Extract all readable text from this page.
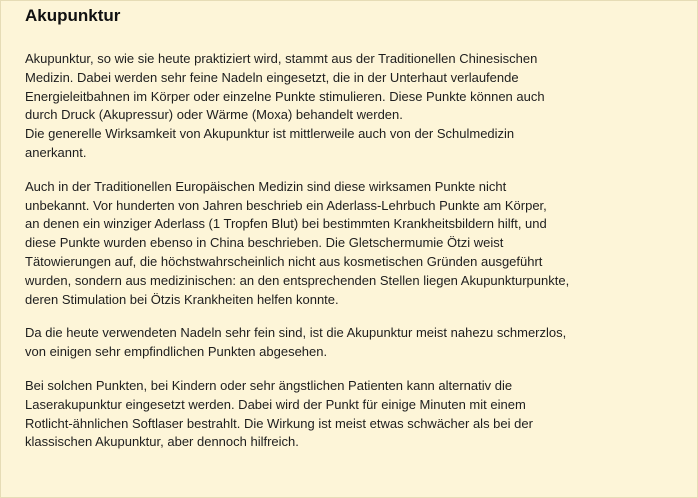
Akupunktur

Akupunktur, so wie sie heute praktiziert wird, stammt aus der Traditionellen Chinesischen
Medizin. Dabei werden sehr feine Nadeln eingesetzt, die in der Unterhaut verlaufende
Energieleitbahnen im Körper oder einzelne Punkte stimulieren. Diese Punkte können auch
durch Druck (Akupressur) oder Wärme (Moxa) behandelt werden.
Die generelle Wirksamkeit von Akupunktur ist mittlerweile auch von der Schulmedizin
anerkannt.

Auch in der Traditionellen Europäischen Medizin sind diese wirksamen Punkte nicht
unbekannt. Vor hunderten von Jahren beschrieb ein Aderlass-Lehrbuch Punkte am Körper,
an denen ein winziger Aderlass (1 Tropfen Blut) bei bestimmten Krankheitsbildern hilft, und
diese Punkte wurden ebenso in China beschrieben. Die Gletschermumie Ötzi weist
Tätowierungen auf, die höchstwahrscheinlich nicht aus kosmetischen Gründen ausgeführt
wurden, sondern aus medizinischen: an den entsprechenden Stellen liegen Akupunkturpunkte,
deren Stimulation bei Ötzis Krankheiten helfen konnte.

Da die heute verwendeten Nadeln sehr fein sind, ist die Akupunktur meist nahezu schmerzlos,
von einigen sehr empfindlichen Punkten abgesehen.

Bei solchen Punkten, bei Kindern oder sehr ängstlichen Patienten kann alternativ die
Laserakupunktur eingesetzt werden. Dabei wird der Punkt für einige Minuten mit einem
Rotlicht-ähnlichen Softlaser bestrahlt. Die Wirkung ist meist etwas schwächer als bei der
klassischen Akupunktur, aber dennoch hilfreich.
